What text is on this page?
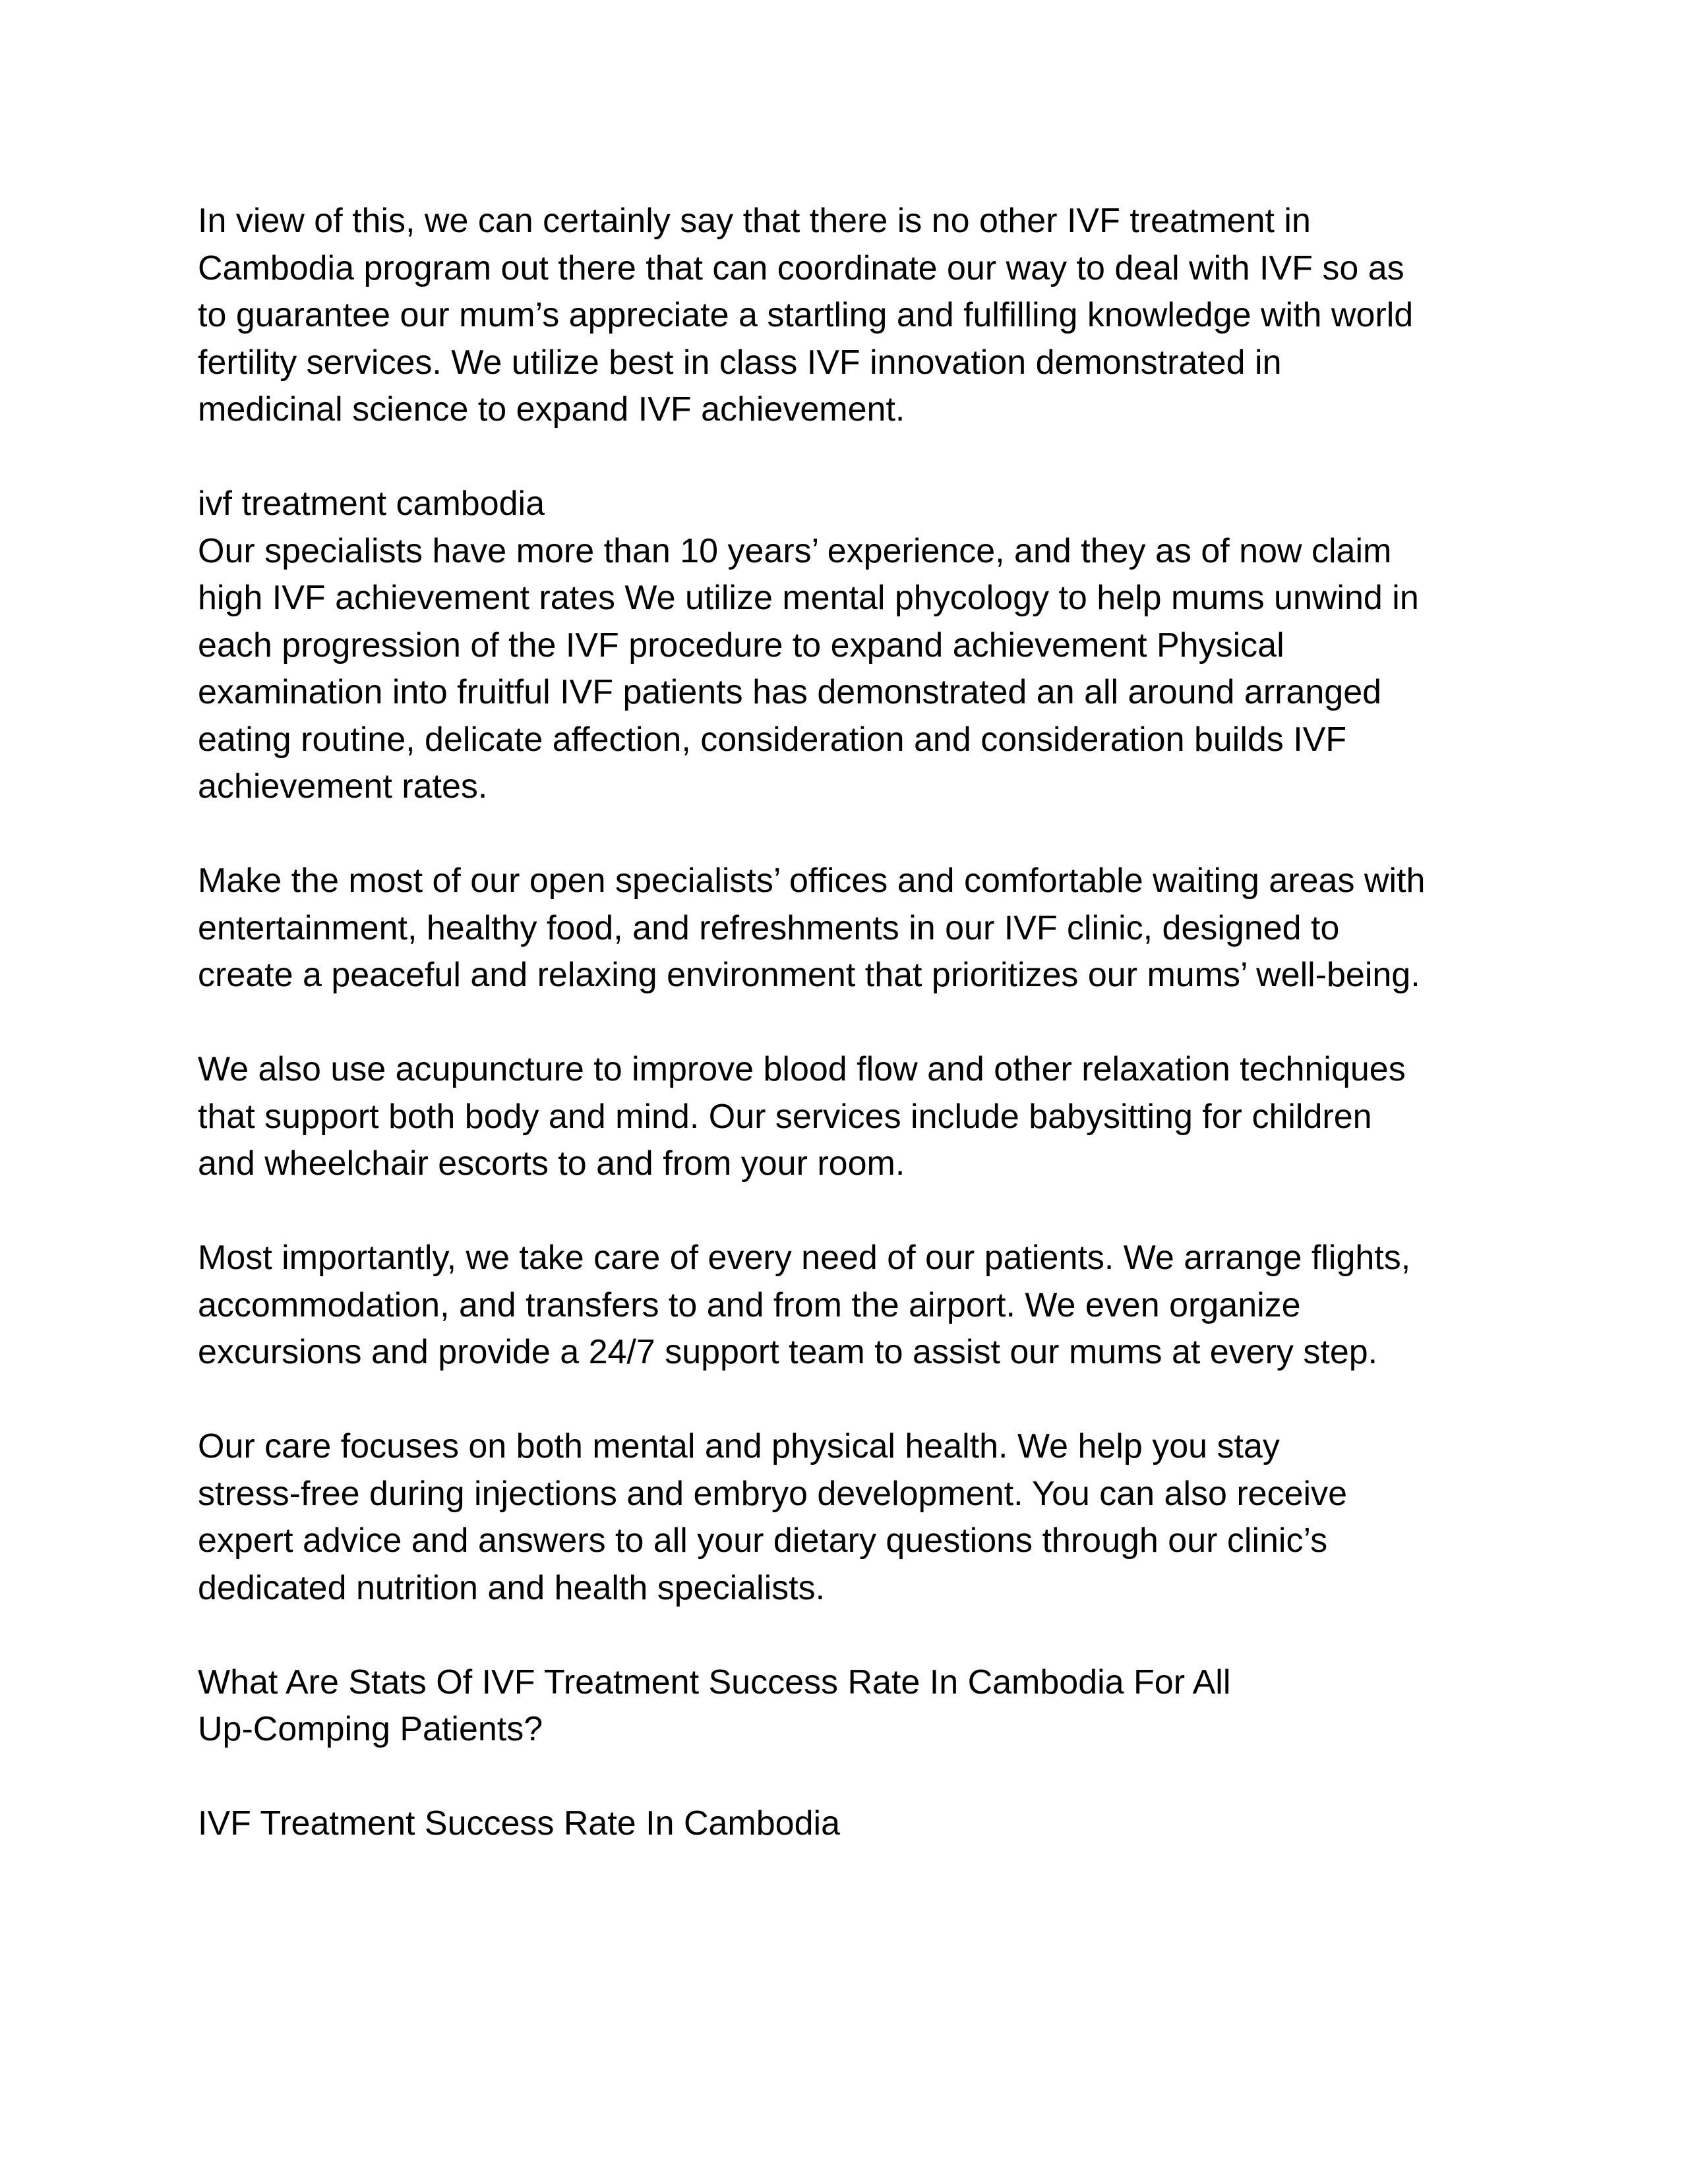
In view of this, we can certainly say that there is no other IVF treatment in
Cambodia program out there that can coordinate our way to deal with IVF so as
to guarantee our mum’s appreciate a startling and fulfilling knowledge with world
fertility services. We utilize best in class IVF innovation demonstrated in
medicinal science to expand IVF achievement.
ivf treatment cambodia
Our specialists have more than 10 years’ experience, and they as of now claim
high IVF achievement rates We utilize mental phycology to help mums unwind in
each progression of the IVF procedure to expand achievement Physical
examination into fruitful IVF patients has demonstrated an all around arranged
eating routine, delicate affection, consideration and consideration builds IVF
achievement rates.
Make the most of our open specialists’ offices and comfortable waiting areas with
entertainment, healthy food, and refreshments in our IVF clinic, designed to
create a peaceful and relaxing environment that prioritizes our mums’ well-being.
We also use acupuncture to improve blood flow and other relaxation techniques
that support both body and mind. Our services include babysitting for children
and wheelchair escorts to and from your room.
Most importantly, we take care of every need of our patients. We arrange flights,
accommodation, and transfers to and from the airport. We even organize
excursions and provide a 24/7 support team to assist our mums at every step.
Our care focuses on both mental and physical health. We help you stay
stress-free during injections and embryo development. You can also receive
expert advice and answers to all your dietary questions through our clinic’s
dedicated nutrition and health specialists.
What Are Stats Of IVF Treatment Success Rate In Cambodia For All
Up-Comping Patients?
IVF Treatment Success Rate In Cambodia
